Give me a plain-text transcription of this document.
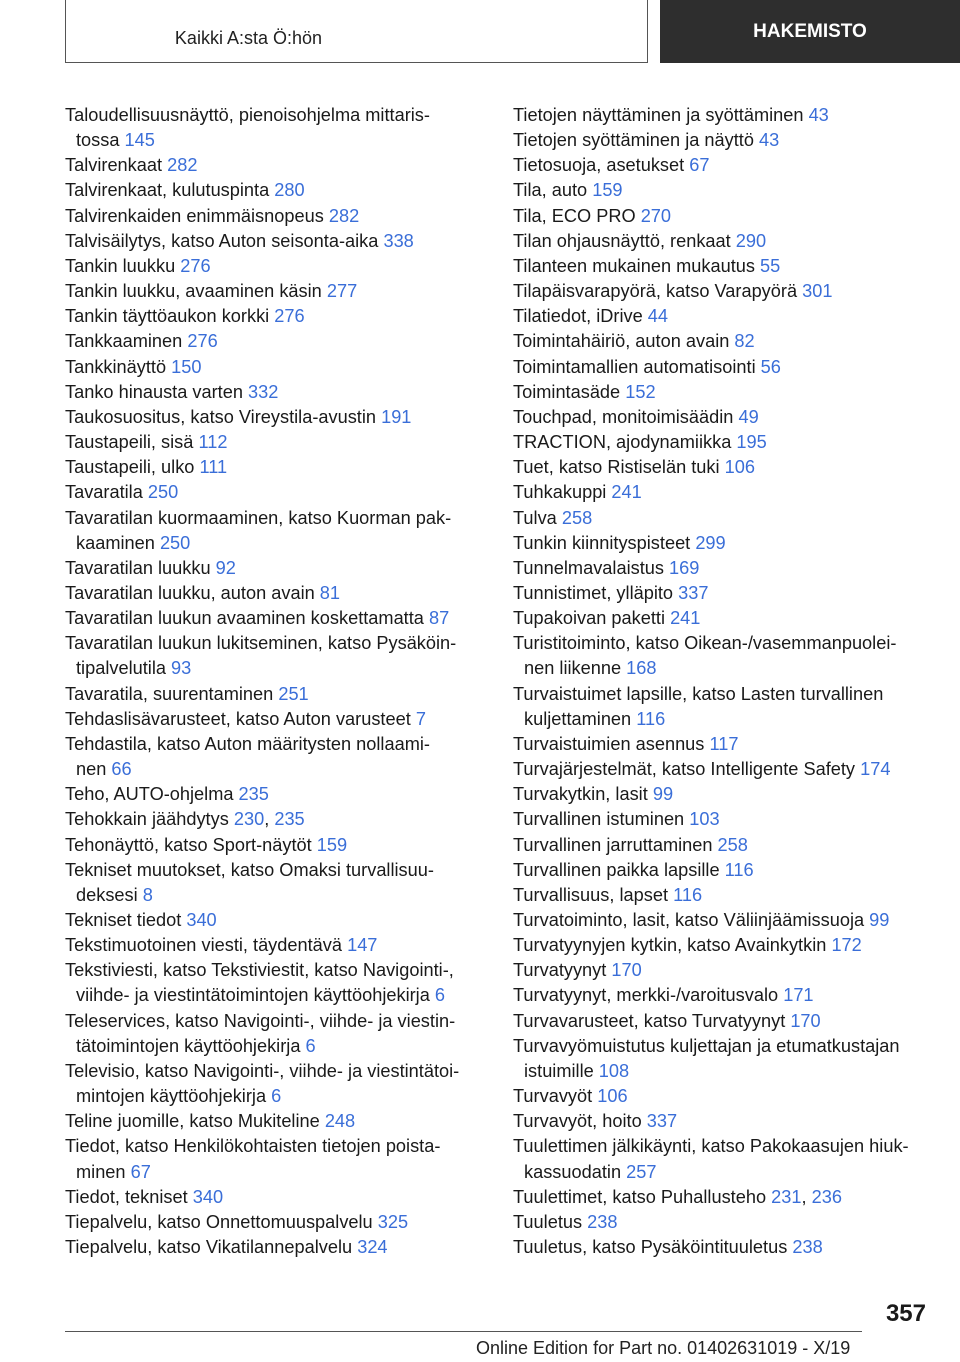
Kaikki A:sta Ö:hön	HAKEMISTO
Taloudellisuusnäyttö, pienoisohjelma mittaris-
tossa 145
Talvirenkaat 282
Talvirenkaat, kulutuspinta 280
Talvirenkaiden enimmäisnopeus 282
Talvisäilytys, katso Auton seisonta-aika 338
Tankin luukku 276
Tankin luukku, avaaminen käsin 277
Tankin täyttöaukon korkki 276
Tankkaaminen 276
Tankkinäyttö 150
Tanko hinausta varten 332
Taukosuositus, katso Vireystila-avustin 191
Taustapeili, sisä 112
Taustapeili, ulko 111
Tavaratila 250
Tavaratilan kuormaaminen, katso Kuorman pak-
kaaminen 250
Tavaratilan luukku 92
Tavaratilan luukku, auton avain 81
Tavaratilan luukun avaaminen koskettamatta 87
Tavaratilan luukun lukitseminen, katso Pysäköin-
tipalvelutila 93
Tavaratila, suurentaminen 251
Tehdaslisävarusteet, katso Auton varusteet 7
Tehdastila, katso Auton määritysten nollaami-
nen 66
Teho, AUTO-ohjelma 235
Tehokkain jäähdytys 230, 235
Tehonäyttö, katso Sport-näytöt 159
Tekniset muutokset, katso Omaksi turvallisuu-
deksesi 8
Tekniset tiedot 340
Tekstimuotoinen viesti, täydentävä 147
Tekstiviesti, katso Tekstiviestit, katso Navigointi-,
viihde- ja viestintätoimintojen käyttöohjekirja 6
Teleservices, katso Navigointi-, viihde- ja viestin-
tätoimintojen käyttöohjekirja 6
Televisio, katso Navigointi-, viihde- ja viestintätoi-
mintojen käyttöohjekirja 6
Teline juomille, katso Mukiteline 248
Tiedot, katso Henkilökohtaisten tietojen poista-
minen 67
Tiedot, tekniset 340
Tiepalvelu, katso Onnettomuuspalvelu 325
Tiepalvelu, katso Vikatilannepalvelu 324
Tietojen näyttäminen ja syöttäminen 43
Tietojen syöttäminen ja näyttö 43
Tietosuoja, asetukset 67
Tila, auto 159
Tila, ECO PRO 270
Tilan ohjausnäyttö, renkaat 290
Tilanteen mukainen mukautus 55
Tilapäisvarapyörä, katso Varapyörä 301
Tilatiedot, iDrive 44
Toimintahäiriö, auton avain 82
Toimintamallien automatisointi 56
Toimintasäde 152
Touchpad, monitoimisäädin 49
TRACTION, ajodynamiikka 195
Tuet, katso Ristiselän tuki 106
Tuhkakuppi 241
Tulva 258
Tunkin kiinnityspisteet 299
Tunnelmavalaistus 169
Tunnistimet, ylläpito 337
Tupakoivan paketti 241
Turistitoiminto, katso Oikean-/vasemmanpuolei-
nen liikenne 168
Turvaistuimet lapsille, katso Lasten turvallinen
kuljettaminen 116
Turvaistuimien asennus 117
Turvajärjestelmät, katso Intelligente Safety 174
Turvakytkin, lasit 99
Turvallinen istuminen 103
Turvallinen jarruttaminen 258
Turvallinen paikka lapsille 116
Turvallisuus, lapset 116
Turvatoiminto, lasit, katso Väliinjäämissuoja 99
Turvatyynyjen kytkin, katso Avainkytkin 172
Turvatyynyt 170
Turvatyynyt, merkki-/varoitusvalo 171
Turvavarusteet, katso Turvatyynyt 170
Turvavyömuistutus kuljettajan ja etumatkustajan
istuimille 108
Turvavyöt 106
Turvavyöt, hoito 337
Tuulettimen jälkikäynti, katso Pakokaasujen hiuk-
kassuodatin 257
Tuulettimet, katso Puhallusteho 231, 236
Tuuletus 238
Tuuletus, katso Pysäköintituuletus 238
357
Online Edition for Part no. 01402631019 - X/19
